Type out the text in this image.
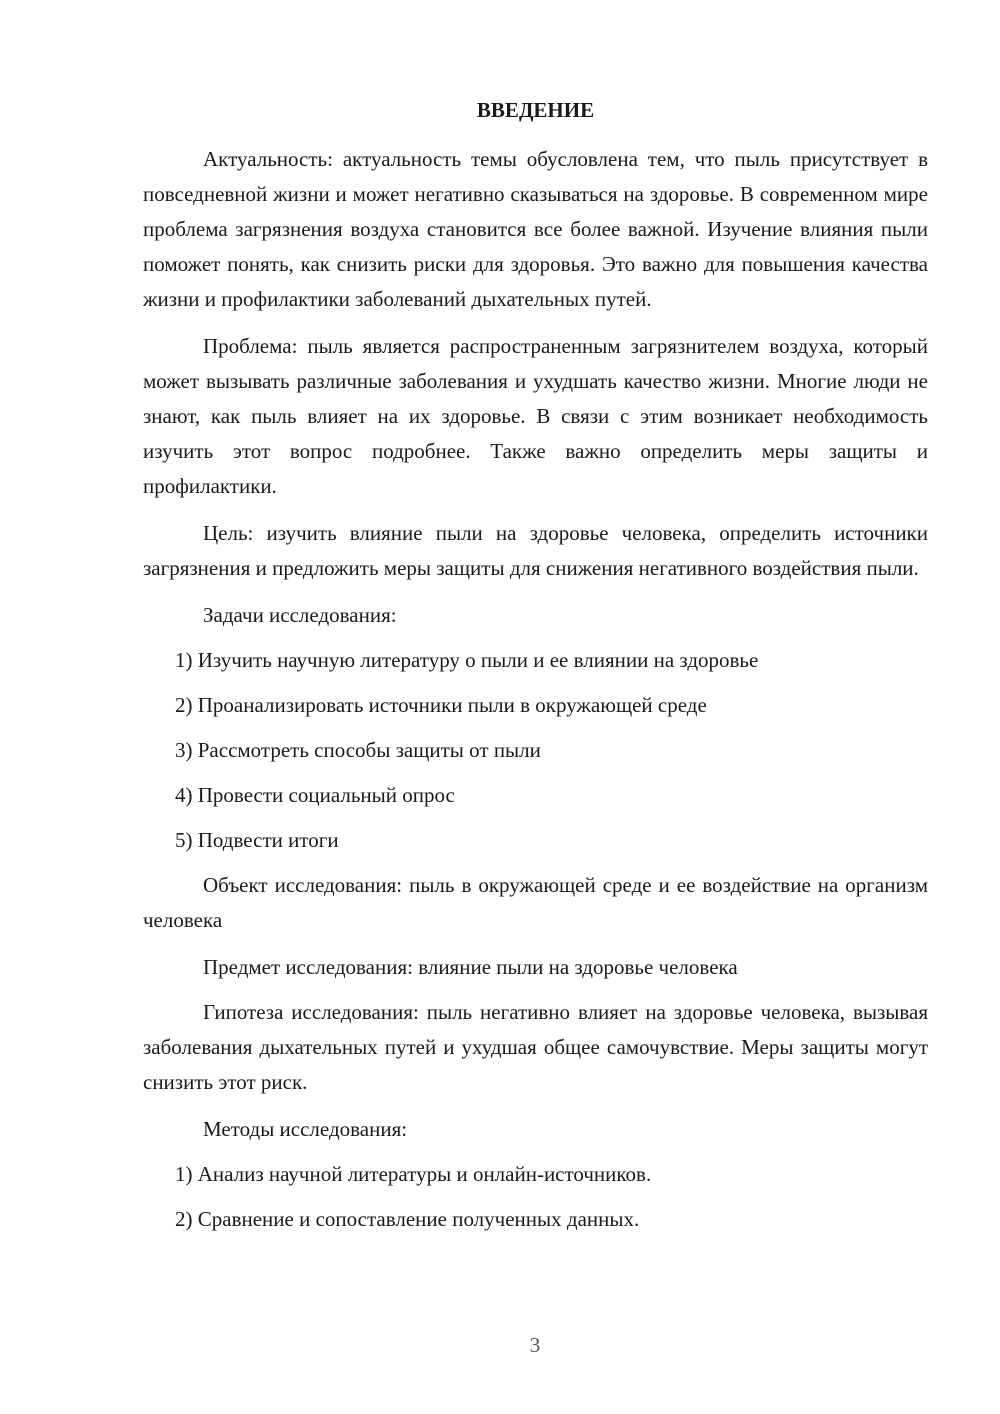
ВВЕДЕНИЕ

Актуальность: актуальность темы обусловлена тем, что пыль присутствует в повседневной жизни и может негативно сказываться на здоровье. В современном мире проблема загрязнения воздуха становится все более важной. Изучение влияния пыли поможет понять, как снизить риски для здоровья. Это важно для повышения качества жизни и профилактики заболеваний дыхательных путей.

Проблема: пыль является распространенным загрязнителем воздуха, который может вызывать различные заболевания и ухудшать качество жизни. Многие люди не знают, как пыль влияет на их здоровье. В связи с этим возникает необходимость изучить этот вопрос подробнее. Также важно определить меры защиты и профилактики.

Цель: изучить влияние пыли на здоровье человека, определить источники загрязнения и предложить меры защиты для снижения негативного воздействия пыли.

Задачи исследования:

1) Изучить научную литературу о пыли и ее влиянии на здоровье

2) Проанализировать источники пыли в окружающей среде

3) Рассмотреть способы защиты от пыли

4) Провести социальный опрос

5) Подвести итоги

Объект исследования: пыль в окружающей среде и ее воздействие на организм человека

Предмет исследования: влияние пыли на здоровье человека

Гипотеза исследования: пыль негативно влияет на здоровье человека, вызывая заболевания дыхательных путей и ухудшая общее самочувствие. Меры защиты могут снизить этот риск.

Методы исследования:

1) Анализ научной литературы и онлайн-источников.

2) Сравнение и сопоставление полученных данных.

3
